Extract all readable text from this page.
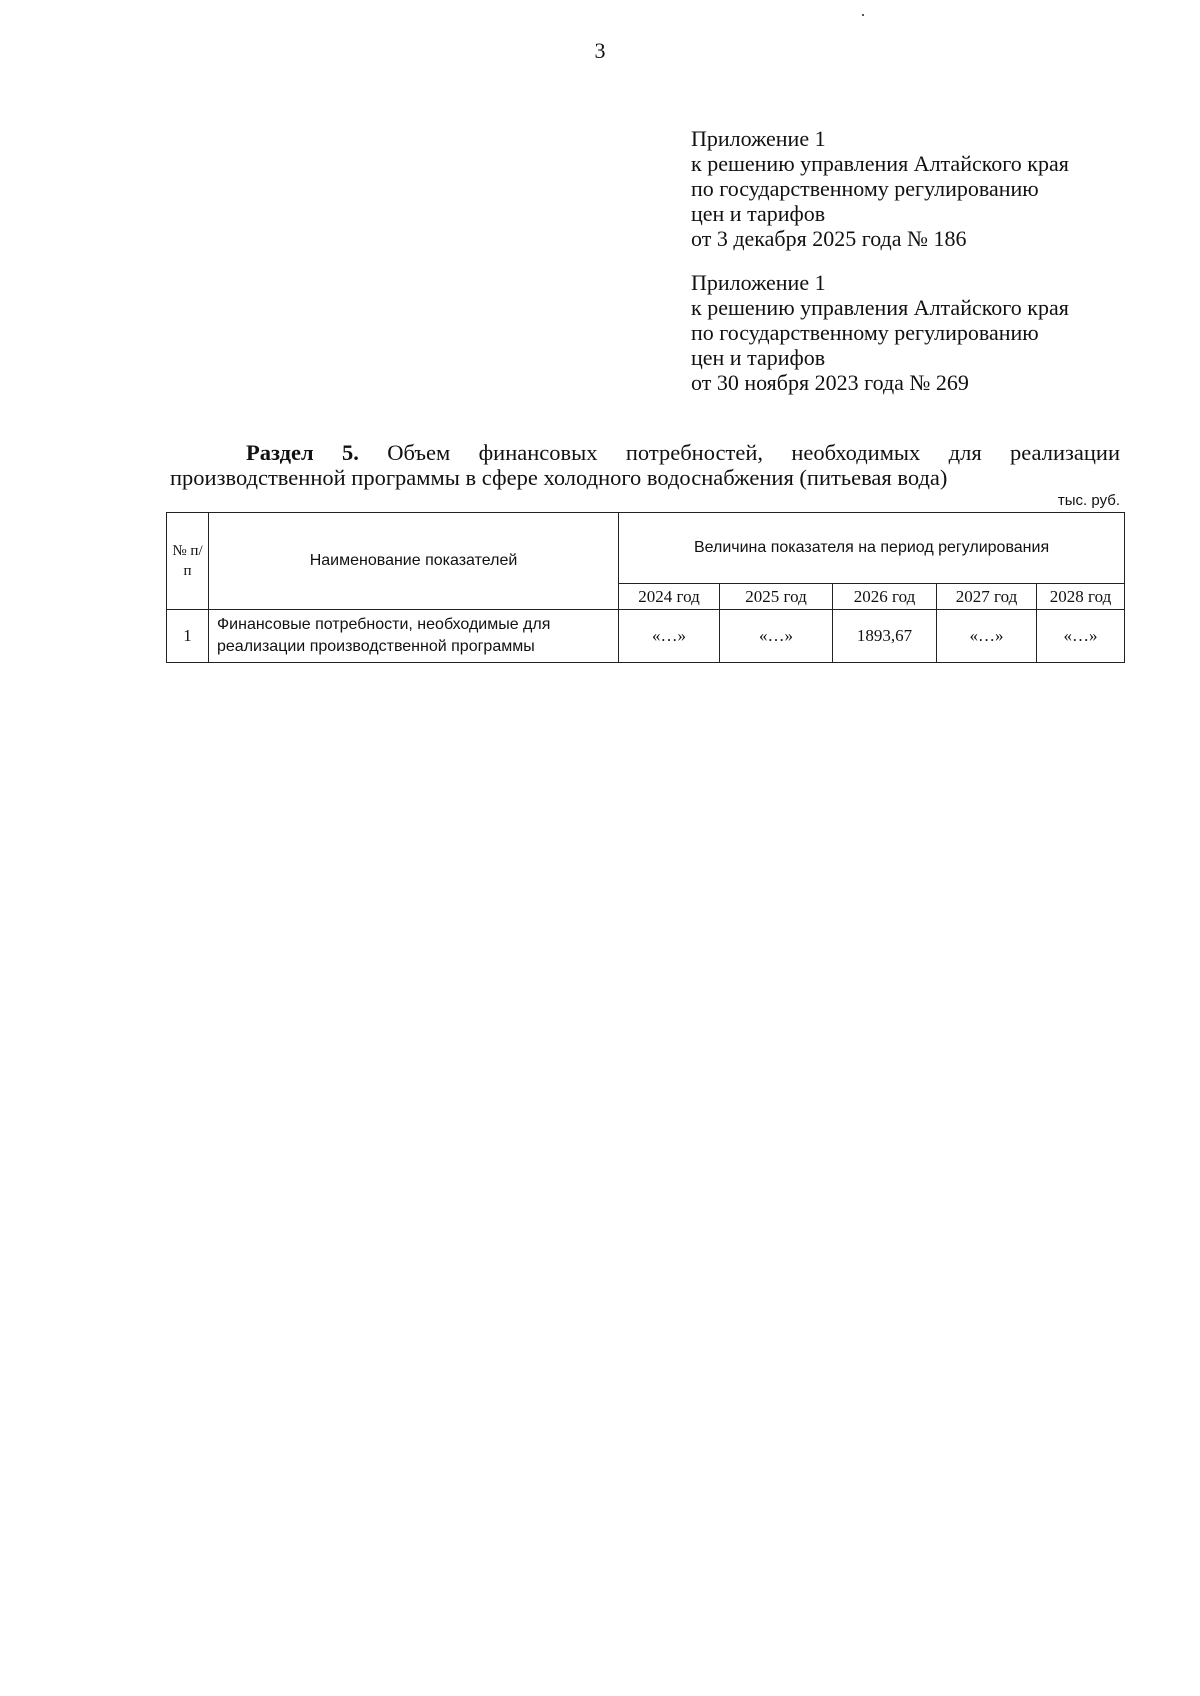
3
Приложение 1
к решению управления Алтайского края
по государственному регулированию
цен и тарифов
от 3 декабря 2025 года № 186
Приложение 1
к решению управления Алтайского края
по государственному регулированию
цен и тарифов
от 30 ноября 2023 года № 269
Раздел 5. Объем финансовых потребностей, необходимых для реализации производственной программы в сфере холодного водоснабжения (питьевая вода)
тыс. руб.
№ п/ п	Наименование показателей	Величина показателя на период регулирования				
		2024 год	2025 год	2026 год	2027 год	2028 год
1	Финансовые потребности, необходимые для реализации производственной программы	«…»	«…»	1893,67	«…»	«…»
